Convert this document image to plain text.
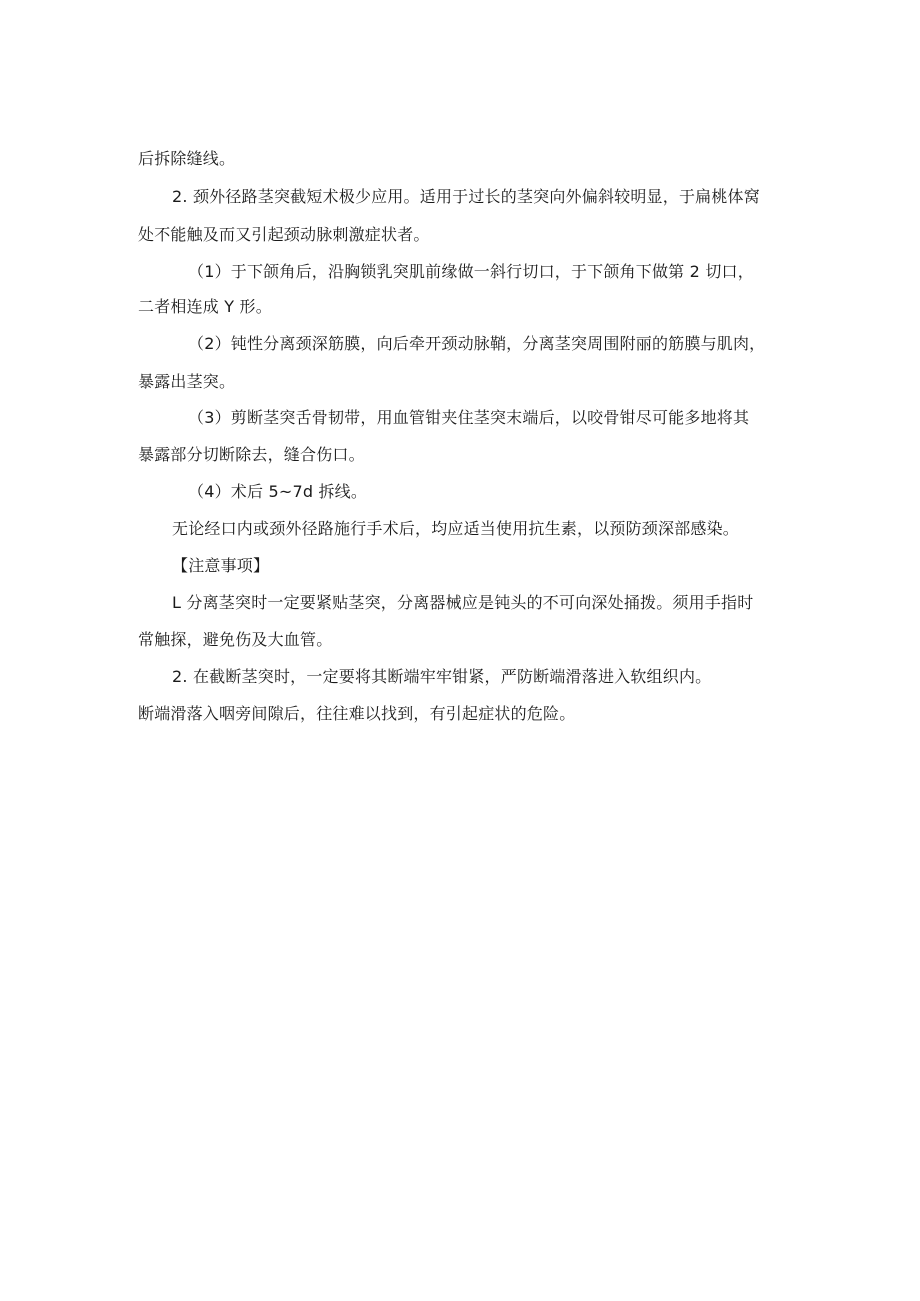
后拆除缝线。
2. 颈外径路茎突截短术极少应用。适用于过长的茎突向外偏斜较明显，于扁桃体窝
处不能触及而又引起颈动脉刺激症状者。
（1）于下颌角后，沿胸锁乳突肌前缘做一斜行切口，于下颌角下做第 2 切口，
二者相连成 Y 形。
（2）钝性分离颈深筋膜，向后牵开颈动脉鞘，分离茎突周围附丽的筋膜与肌肉，
暴露出茎突。
（3）剪断茎突舌骨韧带，用血管钳夹住茎突末端后，以咬骨钳尽可能多地将其
暴露部分切断除去，缝合伤口。
（4）术后 5~7d 拆线。
无论经口内或颈外径路施行手术后，均应适当使用抗生素，以预防颈深部感染。
【注意事项】
L 分离茎突时一定要紧贴茎突，分离器械应是钝头的不可向深处捅拨。须用手指时
常触探，避免伤及大血管。
2. 在截断茎突时，一定要将其断端牢牢钳紧，严防断端滑落进入软组织内。
断端滑落入咽旁间隙后，往往难以找到，有引起症状的危险。
